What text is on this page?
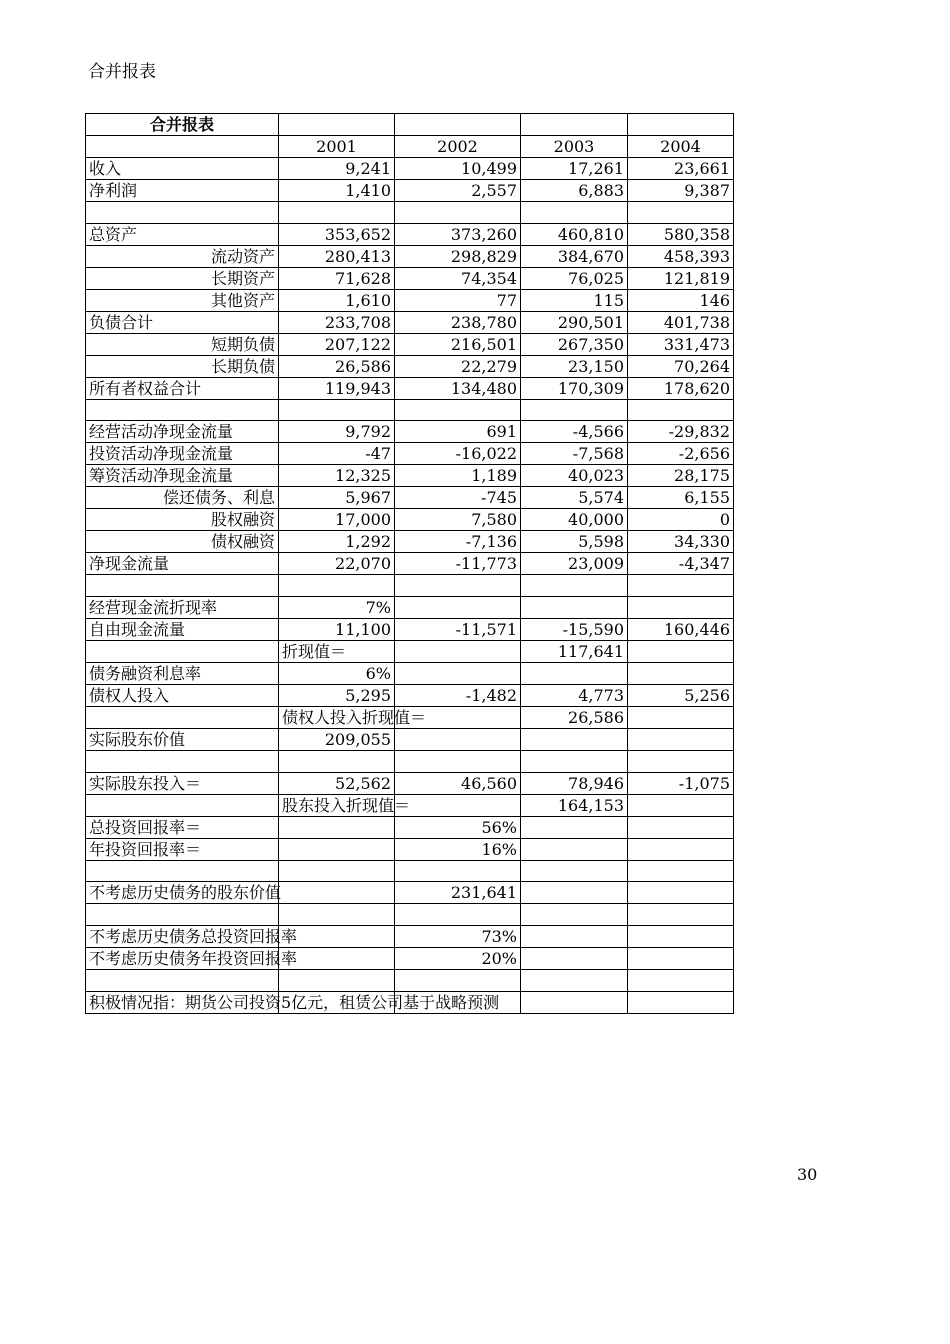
合并报表
合并报表				
	2001	2002	2003	2004
收入	9,241	10,499	17,261	23,661
净利润	1,410	2,557	6,883	9,387

总资产	353,652	373,260	460,810	580,358
流动资产	280,413	298,829	384,670	458,393
长期资产	71,628	74,354	76,025	121,819
其他资产	1,610	77	115	146
负债合计	233,708	238,780	290,501	401,738
短期负债	207,122	216,501	267,350	331,473
长期负债	26,586	22,279	23,150	70,264
所有者权益合计	119,943	134,480	170,309	178,620

经营活动净现金流量	9,792	691	-4,566	-29,832
投资活动净现金流量	-47	-16,022	-7,568	-2,656
筹资活动净现金流量	12,325	1,189	40,023	28,175
偿还债务、利息	5,967	-745	5,574	6,155
股权融资	17,000	7,580	40,000	0
债权融资	1,292	-7,136	5,598	34,330
净现金流量	22,070	-11,773	23,009	-4,347

经营现金流折现率	7%			
自由现金流量	11,100	-11,571	-15,590	160,446
	折现值＝		117,641	
债务融资利息率	6%			
债权人投入	5,295	-1,482	4,773	5,256

	债权人投入折现值＝		26,586	
实际股东价值	209,055			

实际股东投入＝	52,562	46,560	78,946	-1,075

	股东投入折现值＝		164,153	
总投资回报率＝		56%		
年投资回报率＝		16%		

不考虑历史债务的股东价值		231,641		

不考虑历史债务总投资回报率		73%		

不考虑历史债务年投资回报率		20%		

积极情况指：期货公司投资5亿元，租赁公司基于战略预测				

30
